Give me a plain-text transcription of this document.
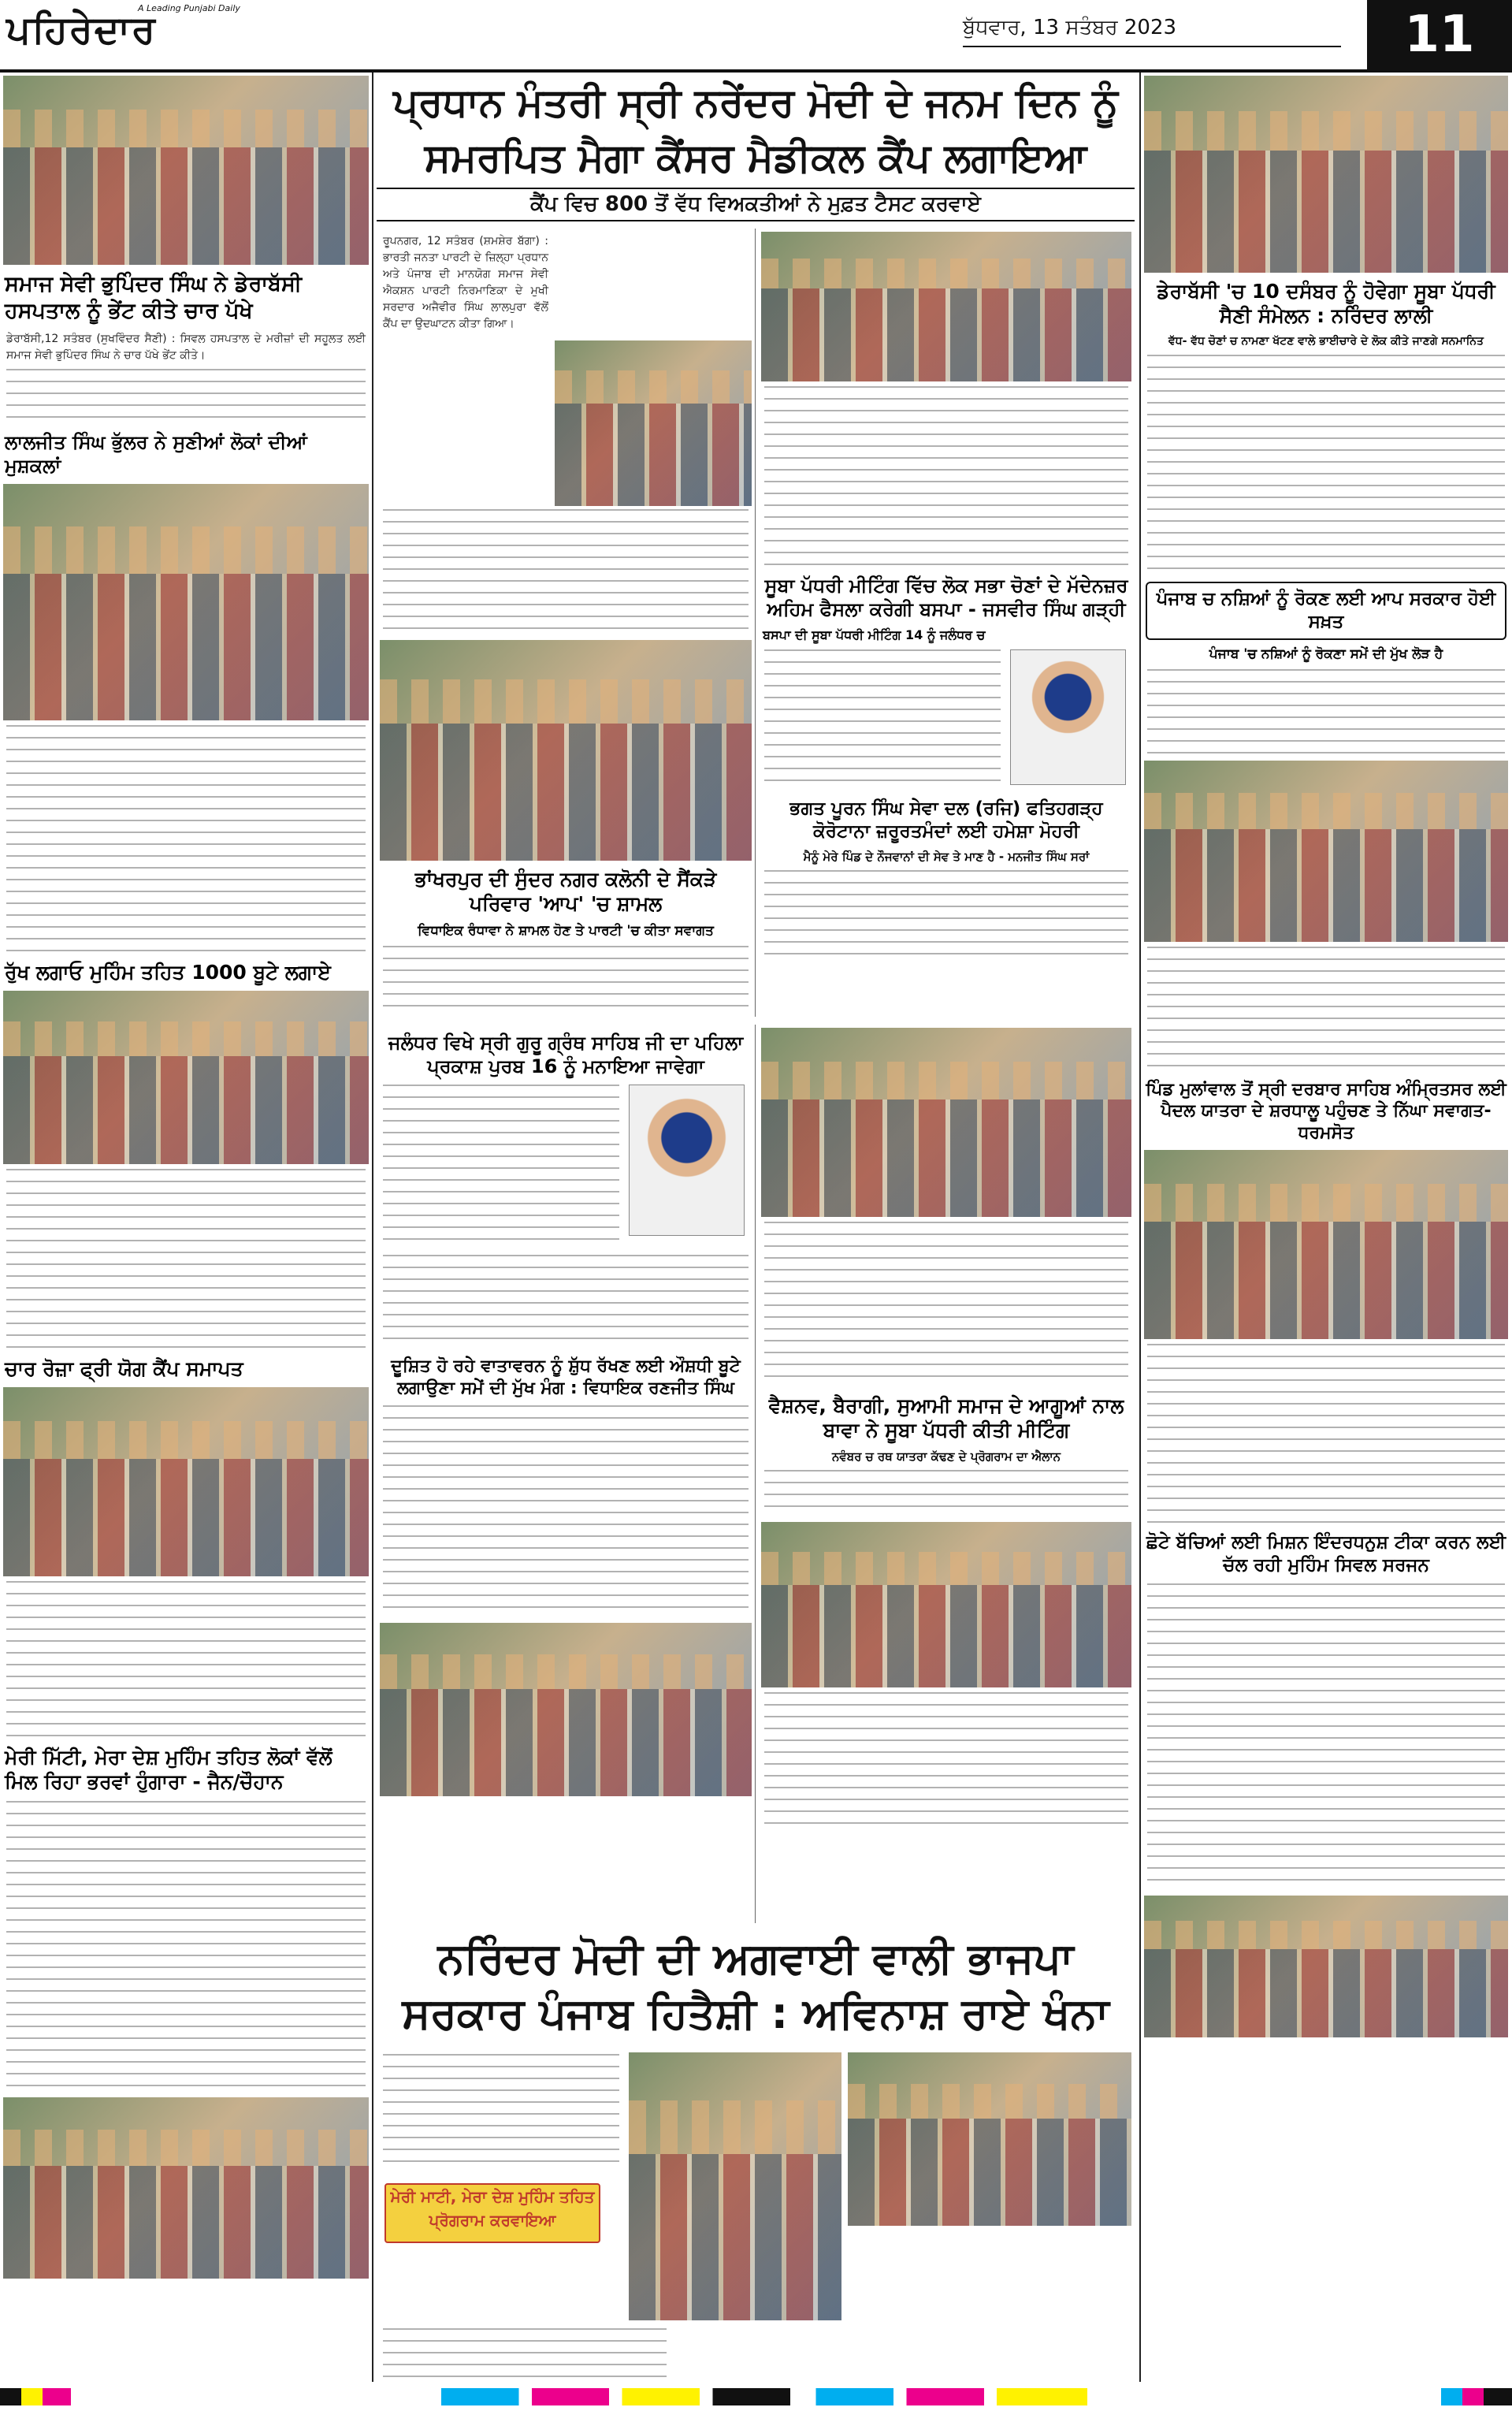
ਪਹਿਰੇਦਾਰ
A Leading Punjabi Daily
ਬੁੱਧਵਾਰ, 13 ਸਤੰਬਰ 2023	11
ਸਮਾਜ ਸੇਵੀ ਭੁਪਿੰਦਰ ਸਿੰਘ ਨੇ ਡੇਰਾਬੱਸੀ ਹਸਪਤਾਲ ਨੂੰ ਭੇਂਟ ਕੀਤੇ ਚਾਰ ਪੱਖੇ
ਡੇਰਾਬੱਸੀ,12 ਸਤੰਬਰ (ਸੁਖਵਿੰਦਰ ਸੈਣੀ) : ਸਿਵਲ ਹਸਪਤਾਲ ਦੇ ਮਰੀਜ਼ਾਂ ਦੀ ਸਹੂਲਤ ਲਈ ਸਮਾਜ ਸੇਵੀ ਭੁਪਿੰਦਰ ਸਿੰਘ ਨੇ ਚਾਰ ਪੱਖੇ ਭੇਂਟ ਕੀਤੇ।
ਲਾਲਜੀਤ ਸਿੰਘ ਭੁੱਲਰ ਨੇ ਸੁਣੀਆਂ ਲੋਕਾਂ ਦੀਆਂ ਮੁਸ਼ਕਲਾਂ
ਰੁੱਖ ਲਗਾਓ ਮੁਹਿੰਮ ਤਹਿਤ 1000 ਬੂਟੇ ਲਗਾਏ
ਚਾਰ ਰੋਜ਼ਾ ਫ੍ਰੀ ਯੋਗ ਕੈਂਪ ਸਮਾਪਤ
ਮੇਰੀ ਮਿੱਟੀ, ਮੇਰਾ ਦੇਸ਼ ਮੁਹਿੰਮ ਤਹਿਤ ਲੋਕਾਂ ਵੱਲੋਂ ਮਿਲ ਰਿਹਾ ਭਰਵਾਂ ਹੁੰਗਾਰਾ - ਜੈਨ/ਚੌਹਾਨ
ਪ੍ਰਧਾਨ ਮੰਤਰੀ ਸ੍ਰੀ ਨਰੇਂਦਰ ਮੋਦੀ ਦੇ ਜਨਮ ਦਿਨ ਨੂੰ
ਸਮਰਪਿਤ ਮੈਗਾ ਕੈਂਸਰ ਮੈਡੀਕਲ ਕੈਂਪ ਲਗਾਇਆ
ਕੈਂਪ ਵਿਚ 800 ਤੋਂ ਵੱਧ ਵਿਅਕਤੀਆਂ ਨੇ ਮੁਫ਼ਤ ਟੈਸਟ ਕਰਵਾਏ
ਰੂਪਨਗਰ, 12 ਸਤੰਬਰ (ਸ਼ਮਸ਼ੇਰ ਬੱਗਾ) : ਭਾਰਤੀ ਜਨਤਾ ਪਾਰਟੀ ਦੇ ਜ਼ਿਲ੍ਹਾ ਪ੍ਰਧਾਨ ਅਤੇ ਪੰਜਾਬ ਦੀ ਮਾਨਯੋਗ ਸਮਾਜ ਸੇਵੀ ਐਕਸ਼ਨ ਪਾਰਟੀ ਨਿਰਮਾਣਿਕਾ ਦੇ ਮੁਖੀ ਸਰਦਾਰ ਅਜੈਵੀਰ ਸਿੰਘ ਲਾਲਪੁਰਾ ਵੱਲੋਂ ਕੈਂਪ ਦਾ ਉਦਘਾਟਨ ਕੀਤਾ ਗਿਆ।
ਭਾਂਖਰਪੁਰ ਦੀ ਸੁੰਦਰ ਨਗਰ ਕਲੋਨੀ ਦੇ ਸੈਂਕੜੇ ਪਰਿਵਾਰ 'ਆਪ' 'ਚ ਸ਼ਾਮਲ
ਵਿਧਾਇਕ ਰੰਧਾਵਾ ਨੇ ਸ਼ਾਮਲ ਹੋਣ ਤੇ ਪਾਰਟੀ 'ਚ ਕੀਤਾ ਸਵਾਗਤ
ਸੂਬਾ ਪੱਧਰੀ ਮੀਟਿੰਗ ਵਿੱਚ ਲੋਕ ਸਭਾ ਚੋਣਾਂ ਦੇ ਮੱਦੇਨਜ਼ਰ ਅਹਿਮ ਫੈਸਲਾ ਕਰੇਗੀ ਬਸਪਾ - ਜਸਵੀਰ ਸਿੰਘ ਗੜ੍ਹੀ
ਬਸਪਾ ਦੀ ਸੂਬਾ ਪੱਧਰੀ ਮੀਟਿੰਗ 14 ਨੂੰ ਜਲੰਧਰ ਚ
ਭਗਤ ਪੂਰਨ ਸਿੰਘ ਸੇਵਾ ਦਲ (ਰਜਿ) ਫਤਿਹਗੜ੍ਹ ਕੋਰੋਟਾਨਾ ਜ਼ਰੂਰਤਮੰਦਾਂ ਲਈ ਹਮੇਸ਼ਾ ਮੋਹਰੀ
ਮੈਨੂੰ ਮੇਰੇ ਪਿੰਡ ਦੇ ਨੌਜਵਾਨਾਂ ਦੀ ਸੇਵ ਤੇ ਮਾਣ ਹੈ - ਮਨਜੀਤ ਸਿੰਘ ਸਰਾਂ
ਜਲੰਧਰ ਵਿਖੇ ਸ੍ਰੀ ਗੁਰੂ ਗ੍ਰੰਥ ਸਾਹਿਬ ਜੀ ਦਾ ਪਹਿਲਾ ਪ੍ਰਕਾਸ਼ ਪੁਰਬ 16 ਨੂੰ ਮਨਾਇਆ ਜਾਵੇਗਾ
ਦੂਸ਼ਿਤ ਹੋ ਰਹੇ ਵਾਤਾਵਰਨ ਨੂੰ ਸ਼ੁੱਧ ਰੱਖਣ ਲਈ ਔਸ਼ਧੀ ਬੂਟੇ ਲਗਾਉਣਾ ਸਮੇਂ ਦੀ ਮੁੱਖ ਮੰਗ : ਵਿਧਾਇਕ ਰਣਜੀਤ ਸਿੰਘ
ਵੈਸ਼ਨਵ, ਬੈਰਾਗੀ, ਸੁਆਮੀ ਸਮਾਜ ਦੇ ਆਗੂਆਂ ਨਾਲ ਬਾਵਾ ਨੇ ਸੂਬਾ ਪੱਧਰੀ ਕੀਤੀ ਮੀਟਿੰਗ
ਨਵੰਬਰ ਚ ਰਥ ਯਾਤਰਾ ਕੱਢਣ ਦੇ ਪ੍ਰੋਗਰਾਮ ਦਾ ਐਲਾਨ
ਨਰਿੰਦਰ ਮੋਦੀ ਦੀ ਅਗਵਾਈ ਵਾਲੀ ਭਾਜਪਾ
ਸਰਕਾਰ ਪੰਜਾਬ ਹਿਤੈਸ਼ੀ : ਅਵਿਨਾਸ਼ ਰਾਏ ਖੰਨਾ
ਮੇਰੀ ਮਾਟੀ, ਮੇਰਾ ਦੇਸ਼ ਮੁਹਿੰਮ ਤਹਿਤ ਪ੍ਰੋਗਰਾਮ ਕਰਵਾਇਆ
ਡੇਰਾਬੱਸੀ 'ਚ 10 ਦਸੰਬਰ ਨੂੰ ਹੋਵੇਗਾ ਸੂਬਾ ਪੱਧਰੀ ਸੈਣੀ ਸੰਮੇਲਨ : ਨਰਿੰਦਰ ਲਾਲੀ
ਵੱਧ- ਵੱਧ ਚੋਣਾਂ ਚ ਨਾਮਣਾ ਖੱਟਣ ਵਾਲੇ ਭਾਈਚਾਰੇ ਦੇ ਲੋਕ ਕੀਤੇ ਜਾਣਗੇ ਸਨਮਾਨਿਤ
ਪੰਜਾਬ ਚ ਨਸ਼ਿਆਂ ਨੂੰ ਰੋਕਣ ਲਈ ਆਪ ਸਰਕਾਰ ਹੋਈ ਸਖ਼ਤ
ਪੰਜਾਬ 'ਚ ਨਸ਼ਿਆਂ ਨੂੰ ਰੋਕਣਾ ਸਮੇਂ ਦੀ ਮੁੱਖ ਲੋੜ ਹੈ
ਪਿੰਡ ਮੁਲਾਂਵਾਲ ਤੋਂ ਸ੍ਰੀ ਦਰਬਾਰ ਸਾਹਿਬ ਅੰਮ੍ਰਿਤਸਰ ਲਈ ਪੈਦਲ ਯਾਤਰਾ ਦੇ ਸ਼ਰਧਾਲੂ ਪਹੁੰਚਣ ਤੇ ਨਿੱਘਾ ਸਵਾਗਤ- ਧਰਮਸੋਤ
ਛੋਟੇ ਬੱਚਿਆਂ ਲਈ ਮਿਸ਼ਨ ਇੰਦਰਧਨੁਸ਼ ਟੀਕਾ ਕਰਨ ਲਈ ਚੱਲ ਰਹੀ ਮੁਹਿੰਮ ਸਿਵਲ ਸਰਜਨ
